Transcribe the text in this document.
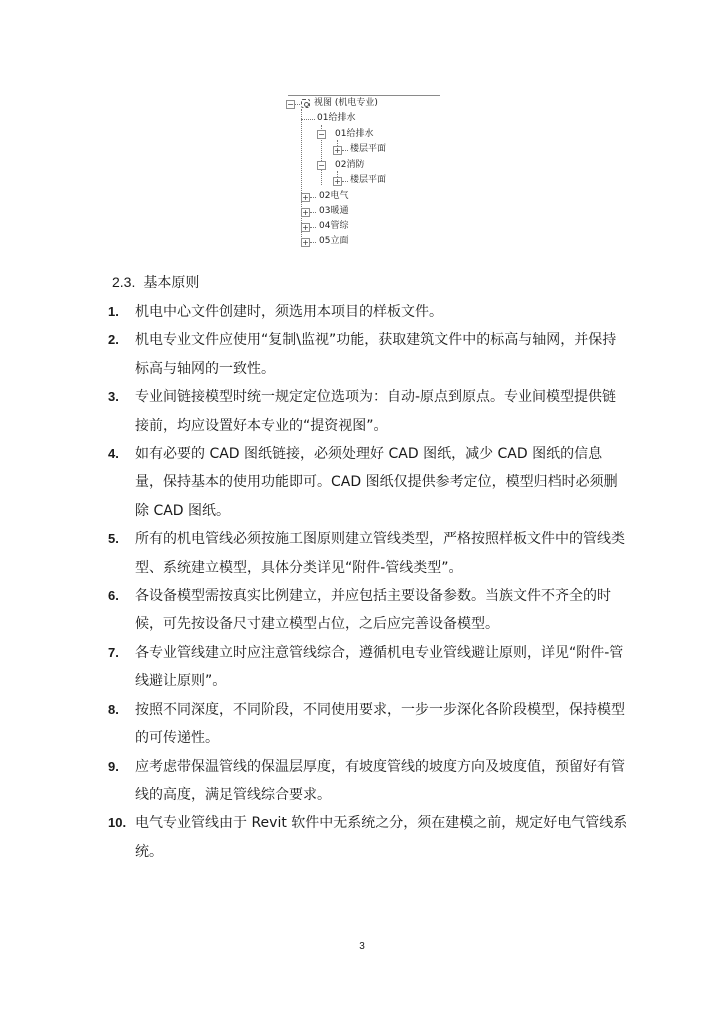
− 视图 (机电专业)
01给排水
− 01给排水
+ 楼层平面
− 02消防
+ 楼层平面
+ 02电气
+ 03暖通
+ 04管综
+ 05立面
2.3. 基本原则
1. 机电中心文件创建时，须选用本项目的样板文件。
2. 机电专业文件应使用“复制\监视”功能，获取建筑文件中的标高与轴网，并保持标高与轴网的一致性。
3. 专业间链接模型时统一规定定位选项为：自动-原点到原点。专业间模型提供链接前，均应设置好本专业的“提资视图”。
4. 如有必要的 CAD 图纸链接，必须处理好 CAD 图纸，减少 CAD 图纸的信息量，保持基本的使用功能即可。CAD 图纸仅提供参考定位，模型归档时必须删除 CAD 图纸。
5. 所有的机电管线必须按施工图原则建立管线类型，严格按照样板文件中的管线类型、系统建立模型，具体分类详见“附件-管线类型”。
6. 各设备模型需按真实比例建立，并应包括主要设备参数。当族文件不齐全的时候，可先按设备尺寸建立模型占位，之后应完善设备模型。
7. 各专业管线建立时应注意管线综合，遵循机电专业管线避让原则，详见“附件-管线避让原则”。
8. 按照不同深度，不同阶段，不同使用要求，一步一步深化各阶段模型，保持模型的可传递性。
9. 应考虑带保温管线的保温层厚度，有坡度管线的坡度方向及坡度值，预留好有管线的高度，满足管线综合要求。
10. 电气专业管线由于 Revit 软件中无系统之分，须在建模之前，规定好电气管线系统。
3
